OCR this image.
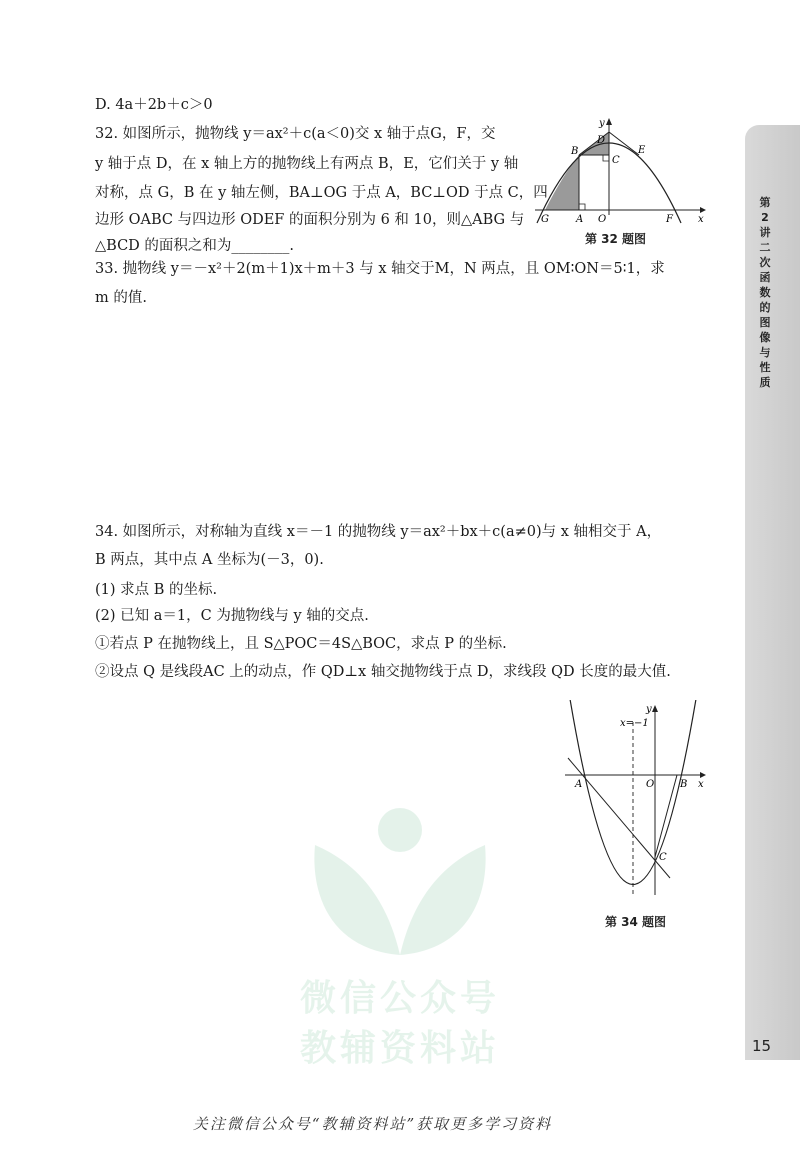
第2讲 二次函数的图像与性质
15
D. 4a＋2b＋c＞0
32. 如图所示，抛物线 y＝ax²＋c(a＜0)交 x 轴于点G，F，交
y 轴于点 D，在 x 轴上方的抛物线上有两点 B，E，它们关于 y 轴
对称，点 G，B 在 y 轴左侧，BA⊥OG 于点 A，BC⊥OD 于点 C，四
边形 OABC 与四边形 ODEF 的面积分别为 6 和 10，则△ABG 与
△BCD 的面积之和为________.
y
D
B
C
E
G	A O	F	x
第 32 题图
33. 抛物线 y＝－x²＋2(m＋1)x＋m＋3 与 x 轴交于M，N 两点，且 OM∶ON＝5∶1，求
m 的值.
34. 如图所示，对称轴为直线 x＝－1 的抛物线 y＝ax²＋bx＋c(a≠0)与 x 轴相交于 A，
B 两点，其中点 A 坐标为(－3，0).
(1) 求点 B 的坐标.
(2) 已知 a＝1，C 为抛物线与 y 轴的交点.
①若点 P 在抛物线上，且 S△POC＝4S△BOC，求点 P 的坐标.
②设点 Q 是线段AC 上的动点，作 QD⊥x 轴交抛物线于点 D，求线段 QD 长度的最大值.
y
x=−1
A	O	B x
C
第 34 题图
微信公众号
教辅资料站
关注微信公众号“教辅资料站”获取更多学习资料
